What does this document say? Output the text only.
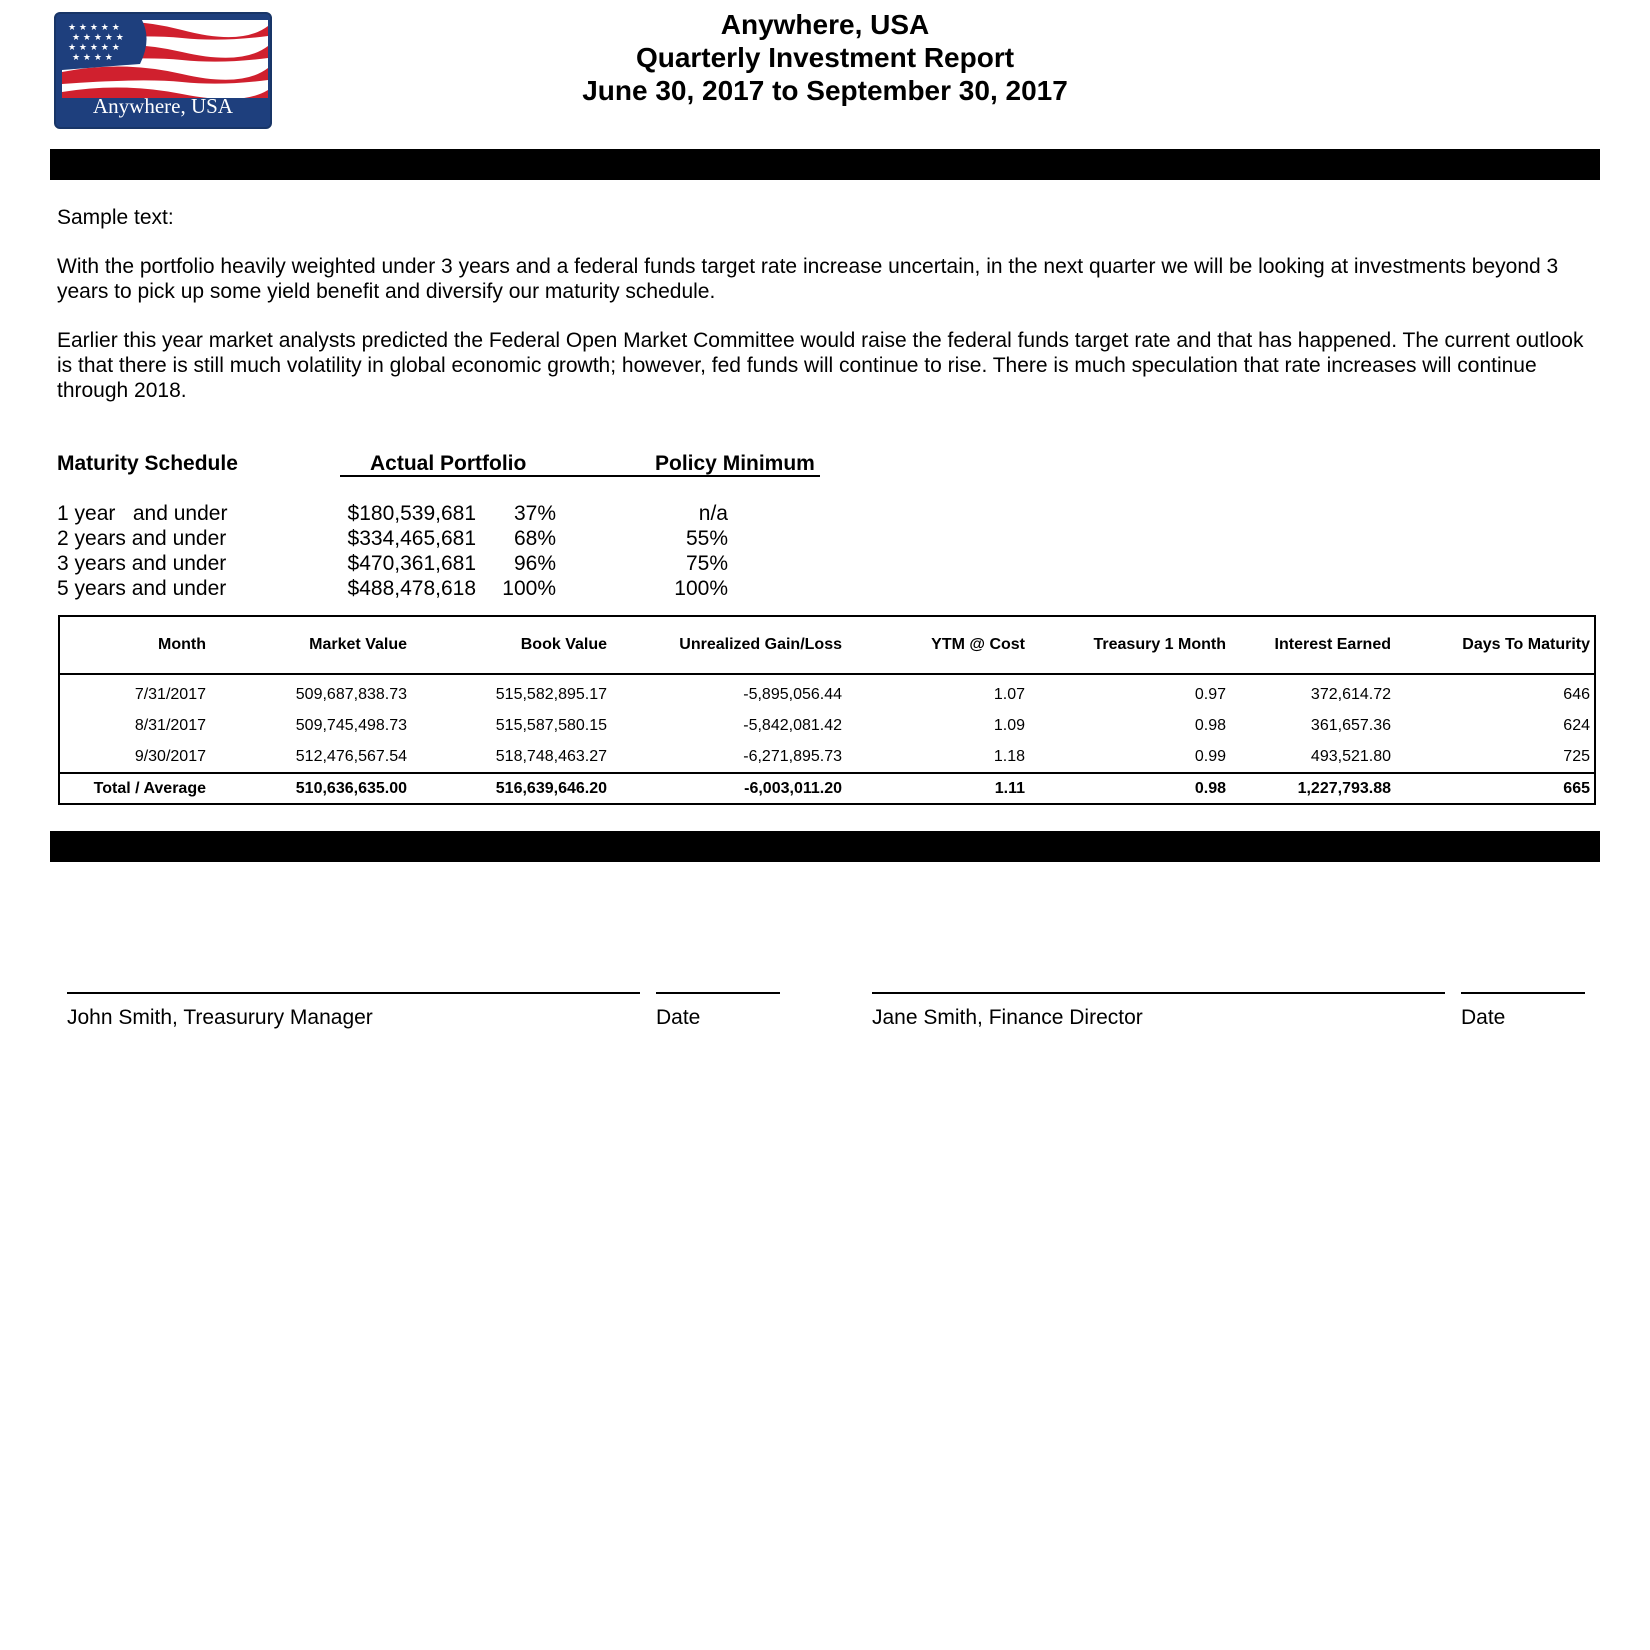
★ ★ ★ ★ ★
★ ★ ★ ★ ★
★ ★ ★ ★ ★
★ ★ ★ ★
Anywhere, USA
Anywhere, USA
Quarterly Investment Report
June 30, 2017 to September 30, 2017
Sample text:
With the portfolio heavily weighted under 3 years and a federal funds target rate increase uncertain, in the next quarter we will be looking at investments beyond 3 years to pick up some yield benefit and diversify our maturity schedule.
Earlier this year market analysts predicted the Federal Open Market Committee would raise the federal funds target rate and that has happened. The current outlook is that there is still much volatility in global economic growth; however, fed funds will continue to rise. There is much speculation that rate increases will continue through 2018.
Maturity Schedule	Actual Portfolio	Policy Minimum
1 year   and under	$180,539,681 37%	n/a
2 years and under	$334,465,681 68%	55%
3 years and under	$470,361,681 96%	75%
5 years and under	$488,478,618 100%	100%
Month	Market Value	Book Value	Unrealized Gain/Loss	YTM @ Cost	Treasury 1 Month	Interest Earned	Days To Maturity
7/31/2017	509,687,838.73	515,582,895.17	-5,895,056.44	1.07	0.97	372,614.72	646
8/31/2017	509,745,498.73	515,587,580.15	-5,842,081.42	1.09	0.98	361,657.36	624
9/30/2017	512,476,567.54	518,748,463.27	-6,271,895.73	1.18	0.99	493,521.80	725
Total / Average	510,636,635.00	516,639,646.20	-6,003,011.20	1.11	0.98	1,227,793.88	665
John Smith, Treasurury Manager	Date	Jane Smith, Finance Director	Date
